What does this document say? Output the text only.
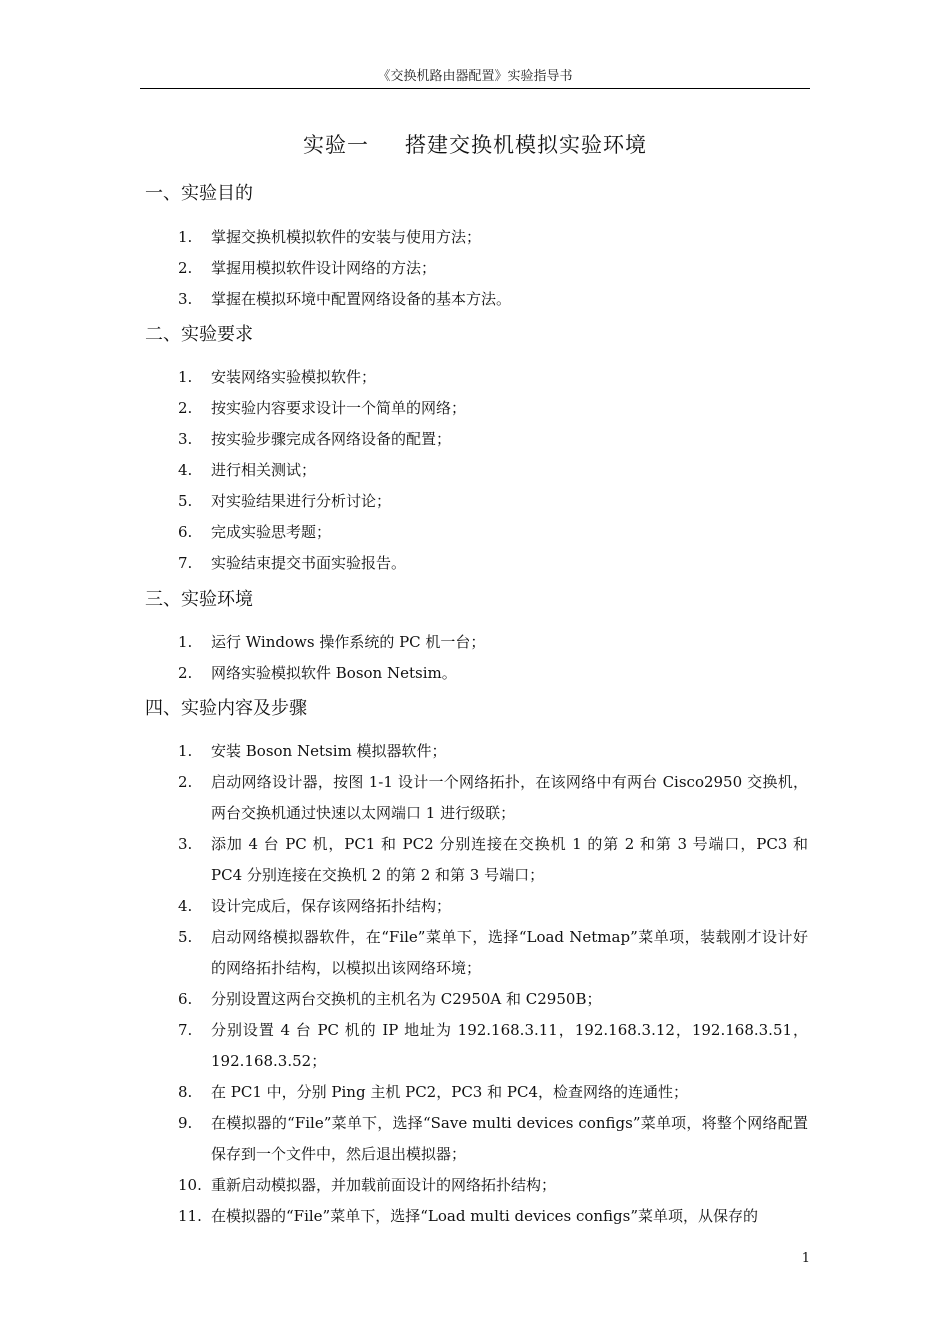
《交换机路由器配置》实验指导书
实验一 搭建交换机模拟实验环境
一、实验目的
1. 掌握交换机模拟软件的安装与使用方法；
2. 掌握用模拟软件设计网络的方法；
3. 掌握在模拟环境中配置网络设备的基本方法。
二、实验要求
1. 安装网络实验模拟软件；
2. 按实验内容要求设计一个简单的网络；
3. 按实验步骤完成各网络设备的配置；
4. 进行相关测试；
5. 对实验结果进行分析讨论；
6. 完成实验思考题；
7. 实验结束提交书面实验报告。
三、实验环境
1. 运行 Windows 操作系统的 PC 机一台；
2. 网络实验模拟软件 Boson Netsim。
四、实验内容及步骤
1. 安装 Boson Netsim 模拟器软件；
2. 启动网络设计器，按图 1-1 设计一个网络拓扑，在该网络中有两台 Cisco2950 交换机，两台交换机通过快速以太网端口 1 进行级联；
3. 添加 4 台 PC 机，PC1 和 PC2 分别连接在交换机 1 的第 2 和第 3 号端口，PC3 和 PC4 分别连接在交换机 2 的第 2 和第 3 号端口；
4. 设计完成后，保存该网络拓扑结构；
5. 启动网络模拟器软件，在“File”菜单下，选择“Load Netmap”菜单项，装载刚才设计好的网络拓扑结构，以模拟出该网络环境；
6. 分别设置这两台交换机的主机名为 C2950A 和 C2950B；
7. 分别设置 4 台 PC 机的 IP 地址为 192.168.3.11，192.168.3.12，192.168.3.51，192.168.3.52；
8. 在 PC1 中，分别 Ping 主机 PC2，PC3 和 PC4，检查网络的连通性；
9. 在模拟器的“File”菜单下，选择“Save multi devices configs”菜单项，将整个网络配置保存到一个文件中，然后退出模拟器；
10. 重新启动模拟器，并加载前面设计的网络拓扑结构；
11. 在模拟器的“File”菜单下，选择“Load multi devices configs”菜单项，从保存的
1
